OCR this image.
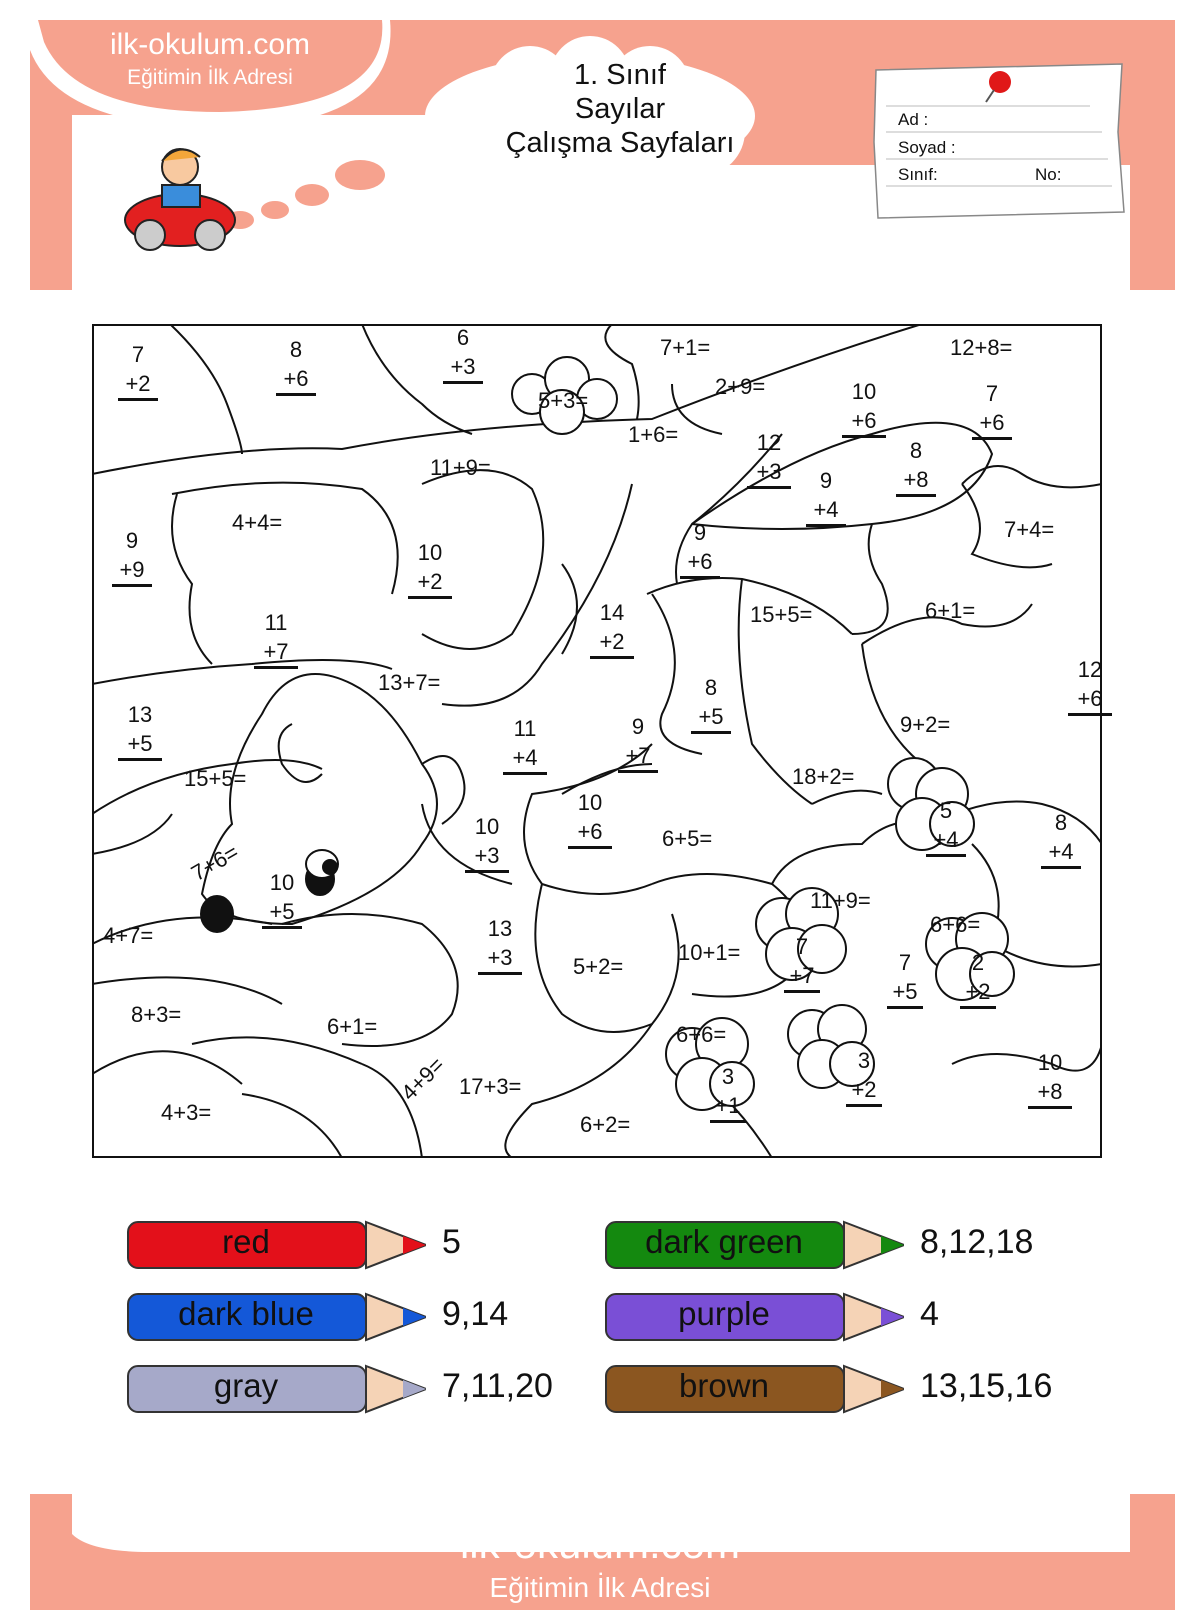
ilk-okulum.com
Eğitimin İlk Adresi	1. Sınıf
Sayılar
Çalışma Sayfaları
Ad :
Soyad :
Sınıf:	No:
7
+2
8
+6
6
+3
5+3=
7+1=
2+9=
12+8=
10
+6
7
+6
1+6=	12
+3
8
+8
9
+4
11+9=
4+4=
9
+9
10
+2
9
+6
7+4=
11
+7
14
+2
15+5=	6+1=
13+7=
12
+6
13
+5
8
+5
11
+4
9
+7
9+2=
15+5=	18+2=
10
+6
10
+3
5
+4
8
+4
7+6=
6+5=
10
+5	11+9=
6+6=
4+7=	13
+3	5+2=
10+1=	7
+7
7
+5
2
+2
8+3=	6+1=	6+6=
10
+8
4+9= 17+3=	3
+1
3
+2
4+3=	6+2=
red	5	dark green	8,12,18
dark blue	9,14	purple	4
gray	7,11,20	brown	13,15,16
ilk-okulum.com
Eğitimin İlk Adresi
